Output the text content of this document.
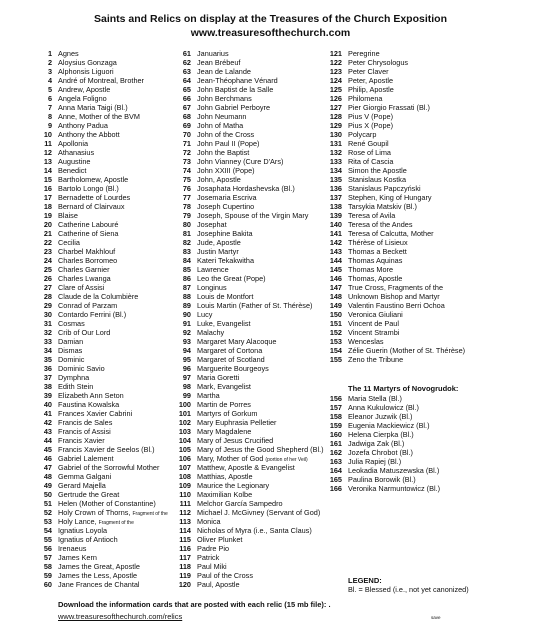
Saints and Relics on display at the Treasures of the Church Exposition
www.treasuresofthechurch.com
1 Agnes
2 Aloysius Gonzaga
3 Alphonsis Liguori
4 André of Montreal, Brother
5 Andrew, Apostle
6 Angela Foligno
7 Anna Maria Taigi (Bl.)
8 Anne, Mother of the BVM
9 Anthony Padua
10 Anthony the Abbott
11 Apollonia
12 Athanasius
13 Augustine
14 Benedict
15 Bartholomew, Apostle
16 Bartolo Longo (Bl.)
17 Bernadette of Lourdes
18 Bernard of Clairvaux
19 Blaise
20 Catherine Labouré
21 Catherine of Siena
22 Cecilia
23 Charbel Makhlouf
24 Charles Borromeo
25 Charles Garnier
26 Charles Lwanga
27 Clare of Assisi
28 Claude de la Columbière
29 Conrad of Parzam
30 Contardo Ferrini (Bl.)
31 Cosmas
32 Crib of Our Lord
33 Damian
34 Dismas
35 Dominic
36 Dominic Savio
37 Dymphna
38 Edith Stein
39 Elizabeth Ann Seton
40 Faustina Kowalska
41 Frances Xavier Cabrini
42 Francis de Sales
43 Francis of Assisi
44 Francis Xavier
45 Francis Xavier de Seelos (Bl.)
46 Gabriel Lalement
47 Gabriel of the Sorrowful Mother
48 Gemma Galgani
49 Gerard Majella
50 Gertrude the Great
51 Helen (Mother of Constantine)
52 Holy Crown of Thorns, Fragment of the
53 Holy Lance, Fragment of the
54 Ignatius Loyola
55 Ignatius of Antioch
56 Irenaeus
57 James Kern
58 James the Great, Apostle
59 James the Less, Apostle
60 Jane Frances de Chantal
61 Januarius
62 Jean Brébeuf
63 Jean de Lalande
64 Jean-Théophane Vénard
65 John Baptist de la Salle
66 John Berchmans
67 John Gabriel Perboyre
68 John Neumann
69 John of Matha
70 John of the Cross
71 John Paul II (Pope)
72 John the Baptist
73 John Vianney (Cure D'Ars)
74 John XXIII (Pope)
75 John, Apostle
76 Josaphata Hordashevska (Bl.)
77 Josemaria Escriva
78 Joseph Cupertino
79 Joseph, Spouse of the Virgin Mary
80 Josephat
81 Josephine Bakita
82 Jude, Apostle
83 Justin Martyr
84 Kateri Tekakwitha
85 Lawrence
86 Leo the Great (Pope)
87 Longinus
88 Louis de Montfort
89 Louis Martin (Father of St. Thérèse)
90 Lucy
91 Luke, Evangelist
92 Malachy
93 Margaret Mary Alacoque
94 Margaret of Cortona
95 Margaret of Scotland
96 Marguerite Bourgeoys
97 Maria Goretti
98 Mark, Evangelist
99 Martha
100 Martin de Porres
101 Martyrs of Gorkum
102 Mary Euphrasia Pelletier
103 Mary Magdalene
104 Mary of Jesus Crucified
105 Mary of Jesus the Good Shepherd (Bl.)
106 Mary, Mother of God (portion of her Veil)
107 Matthew, Apostle & Evangelist
108 Matthias, Apostle
109 Maurice the Legionary
110 Maximilian Kolbe
111 Melchor García Sampedro
112 Michael J. McGivney (Servant of God)
113 Monica
114 Nicholas of Myra (i.e., Santa Claus)
115 Oliver Plunket
116 Padre Pio
117 Patrick
118 Paul Miki
119 Paul of the Cross
120 Paul, Apostle
121 Peregrine
122 Peter Chrysologus
123 Peter Claver
124 Peter, Apostle
125 Philip, Apostle
126 Philomena
127 Pier Giorgio Frassati (Bl.)
128 Pius V (Pope)
129 Pius X (Pope)
130 Polycarp
131 René Goupil
132 Rose of Lima
133 Rita of Cascia
134 Simon the Apostle
135 Stanislaus Kostka
136 Stanislaus Papczyński
137 Stephen, King of Hungary
138 Tarsykia Matskiv (Bl.)
139 Teresa of Avila
140 Teresa of the Andes
141 Teresa of Calcutta, Mother
142 Thérèse of Lisieux
143 Thomas a Beckett
144 Thomas Aquinas
145 Thomas More
146 Thomas, Apostle
147 True Cross, Fragments of the
148 Unknown Bishop and Martyr
149 Valentin Faustino Berri Ochoa
150 Veronica Giuliani
151 Vincent de Paul
152 Vincent Strambi
153 Wenceslas
154 Zélie Guerin (Mother of St. Thérèse)
155 Zeno the Tribune
The 11 Martyrs of Novogrudok:
156 Maria Stella (Bl.)
157 Anna Kukulowicz (Bl.)
158 Eleanor Juzwik (Bl.)
159 Eugenia Mackiewicz (Bl.)
160 Helena Cierpka (Bl.)
161 Jadwiga Zak (Bl.)
162 Jozefa Chrobot (Bl.)
163 Julia Rapiej (Bl.)
164 Leokadia Matuszewska (Bl.)
165 Paulina Borowik (Bl.)
166 Veronika Narmuntowicz (Bl.)
LEGEND:
Bl. = Blessed (i.e., not yet canonized)
Download the information cards that are posted with each relic (15 mb file): .
www.treasuresofthechurch.com/relics	save
